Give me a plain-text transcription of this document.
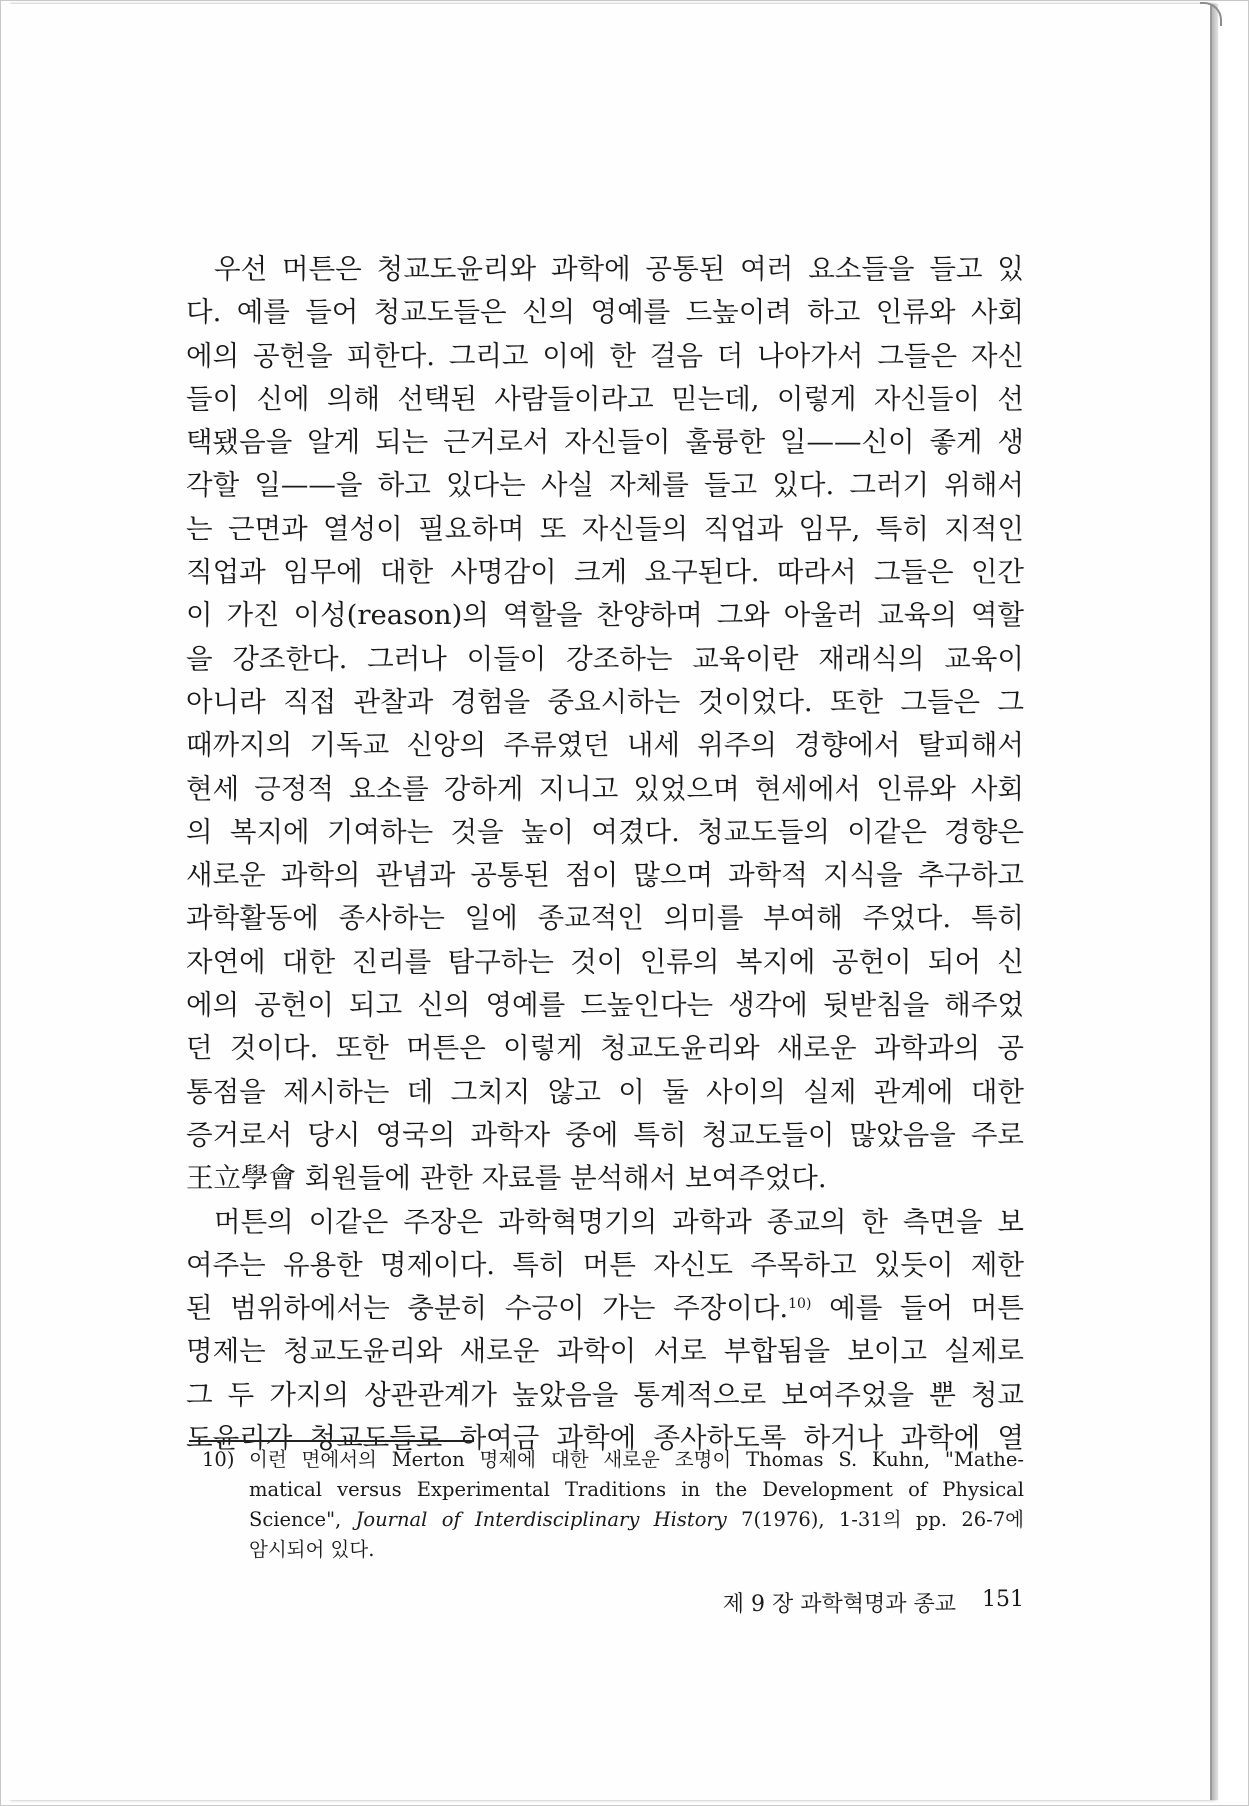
우선 머튼은 청교도윤리와 과학에 공통된 여러 요소들을 들고 있
다. 예를 들어 청교도들은 신의 영예를 드높이려 하고 인류와 사회
에의 공헌을 피한다. 그리고 이에 한 걸음 더 나아가서 그들은 자신
들이 신에 의해 선택된 사람들이라고 믿는데, 이렇게 자신들이 선
택됐음을 알게 되는 근거로서 자신들이 훌륭한 일——신이 좋게 생
각할 일——을 하고 있다는 사실 자체를 들고 있다. 그러기 위해서
는 근면과 열성이 필요하며 또 자신들의 직업과 임무, 특히 지적인
직업과 임무에 대한 사명감이 크게 요구된다. 따라서 그들은 인간
이 가진 이성(reason)의 역할을 찬양하며 그와 아울러 교육의 역할
을 강조한다. 그러나 이들이 강조하는 교육이란 재래식의 교육이
아니라 직접 관찰과 경험을 중요시하는 것이었다. 또한 그들은 그
때까지의 기독교 신앙의 주류였던 내세 위주의 경향에서 탈피해서
현세 긍정적 요소를 강하게 지니고 있었으며 현세에서 인류와 사회
의 복지에 기여하는 것을 높이 여겼다. 청교도들의 이같은 경향은
새로운 과학의 관념과 공통된 점이 많으며 과학적 지식을 추구하고
과학활동에 종사하는 일에 종교적인 의미를 부여해 주었다. 특히
자연에 대한 진리를 탐구하는 것이 인류의 복지에 공헌이 되어 신
에의 공헌이 되고 신의 영예를 드높인다는 생각에 뒷받침을 해주었
던 것이다. 또한 머튼은 이렇게 청교도윤리와 새로운 과학과의 공
통점을 제시하는 데 그치지 않고 이 둘 사이의 실제 관계에 대한
증거로서 당시 영국의 과학자 중에 특히 청교도들이 많았음을 주로
王立學會 회원들에 관한 자료를 분석해서 보여주었다.
머튼의 이같은 주장은 과학혁명기의 과학과 종교의 한 측면을 보
여주는 유용한 명제이다. 특히 머튼 자신도 주목하고 있듯이 제한
된 범위하에서는 충분히 수긍이 가는 주장이다.$^{10)}$ 예를 들어 머튼
명제는 청교도윤리와 새로운 과학이 서로 부합됨을 보이고 실제로
그 두 가지의 상관관계가 높았음을 통계적으로 보여주었을 뿐 청교
도윤리가 청교도들로 하여금 과학에 종사하도록 하거나 과학에 열
10) 이런 면에서의 Merton 명제에 대한 새로운 조명이 Thomas S. Kuhn, "Mathe-
matical versus Experimental Traditions in the Development of Physical
Science", Journal of Interdisciplinary History 7(1976), 1-31의 pp. 26-7에
암시되어 있다.
제 9 장 과학혁명과 종교 151
